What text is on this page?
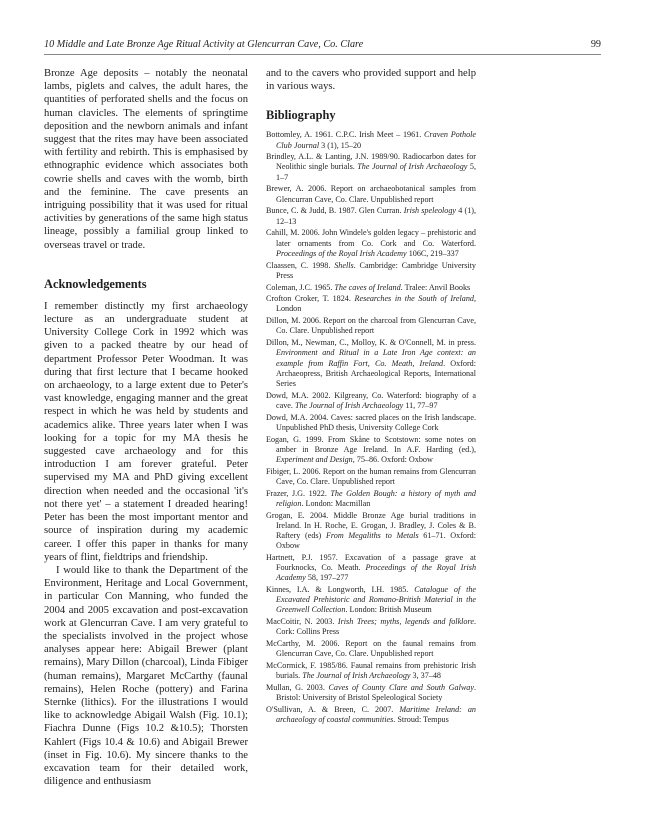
10 Middle and Late Bronze Age Ritual Activity at Glencurran Cave, Co. Clare	99

Bronze Age deposits – notably the neonatal lambs, piglets and calves, the adult hares, the quantities of perforated shells and the focus on human clavicles. The elements of springtime deposition and the newborn animals and infant suggest that the rites may have been associated with fertility and rebirth. This is emphasised by ethnographic evidence which associates both cowrie shells and caves with the womb, birth and the feminine. The cave presents an intriguing possibility that it was used for ritual activities by generations of the same high status lineage, possibly a familial group linked to overseas travel or trade.

Acknowledgements

I remember distinctly my first archaeology lecture as an undergraduate student at University College Cork in 1992 which was given to a packed theatre by our head of department Professor Peter Woodman. It was during that first lecture that I became hooked on archaeology, to a large extent due to Peter's vast knowledge, engaging manner and the great respect in which he was held by students and academics alike. Three years later when I was looking for a topic for my MA thesis he suggested cave archaeology and for this introduction I am forever grateful. Peter supervised my MA and PhD giving excellent direction when needed and the occasional 'it's not there yet' – a statement I dreaded hearing! Peter has been the most important mentor and source of inspiration during my academic career. I offer this paper in thanks for many years of flint, fieldtrips and friendship.

I would like to thank the Department of the Environment, Heritage and Local Government, in particular Con Manning, who funded the 2004 and 2005 excavation and post-excavation work at Glencurran Cave. I am very grateful to the specialists involved in the project whose analyses appear here: Abigail Brewer (plant remains), Mary Dillon (charcoal), Linda Fibiger (human remains), Margaret McCarthy (faunal remains), Helen Roche (pottery) and Farina Sternke (lithics). For the illustrations I would like to acknowledge Abigail Walsh (Fig. 10.1); Fiachra Dunne (Figs 10.2 &10.5); Thorsten Kahlert (Figs 10.4 & 10.6) and Abigail Brewer (inset in Fig. 10.6). My sincere thanks to the excavation team for their detailed work, diligence and enthusiasm

and to the cavers who provided support and help in various ways.

Bibliography
Bottomley, A. 1961. C.P.C. Irish Meet – 1961. Craven Pothole Club Journal 3 (1), 15–20
Brindley, A.L. & Lanting, J.N. 1989/90. Radiocarbon dates for Neolithic single burials. The Journal of Irish Archaeology 5, 1–7
Brewer, A. 2006. Report on archaeobotanical samples from Glencurran Cave, Co. Clare. Unpublished report
Bunce, C. & Judd, B. 1987. Glen Curran. Irish speleology 4 (1), 12–13
Cahill, M. 2006. John Windele's golden legacy – prehistoric and later ornaments from Co. Cork and Co. Waterford. Proceedings of the Royal Irish Academy 106C, 219–337
Claassen, C. 1998. Shells. Cambridge: Cambridge University Press
Coleman, J.C. 1965. The caves of Ireland. Tralee: Anvil Books
Crofton Croker, T. 1824. Researches in the South of Ireland, London
Dillon, M. 2006. Report on the charcoal from Glencurran Cave, Co. Clare. Unpublished report
Dillon, M., Newman, C., Molloy, K. & O'Connell, M. in press. Environment and Ritual in a Late Iron Age context: an example from Raffin Fort, Co. Meath, Ireland. Oxford: Archaeopress, British Archaeological Reports, International Series
Dowd, M.A. 2002. Kilgreany, Co. Waterford: biography of a cave. The Journal of Irish Archaeology 11, 77–97
Dowd, M.A. 2004. Caves: sacred places on the Irish landscape. Unpublished PhD thesis, University College Cork
Eogan, G. 1999. From Skåne to Scotstown: some notes on amber in Bronze Age Ireland. In A.F. Harding (ed.), Experiment and Design, 75–86. Oxford: Oxbow
Fibiger, L. 2006. Report on the human remains from Glencurran Cave, Co. Clare. Unpublished report
Frazer, J.G. 1922. The Golden Bough: a history of myth and religion. London: Macmillan
Grogan, E. 2004. Middle Bronze Age burial traditions in Ireland. In H. Roche, E. Grogan, J. Bradley, J. Coles & B. Raftery (eds) From Megaliths to Metals 61–71. Oxford: Oxbow
Hartnett, P.J. 1957. Excavation of a passage grave at Fourknocks, Co. Meath. Proceedings of the Royal Irish Academy 58, 197–277
Kinnes, I.A. & Longworth, I.H. 1985. Catalogue of the Excavated Prehistoric and Romano-British Material in the Greenwell Collection. London: British Museum
MacCoitir, N. 2003. Irish Trees; myths, legends and folklore. Cork: Collins Press
McCarthy, M. 2006. Report on the faunal remains from Glencurran Cave, Co. Clare. Unpublished report
McCormick, F. 1985/86. Faunal remains from prehistoric Irish burials. The Journal of Irish Archaeology 3, 37–48
Mullan, G. 2003. Caves of County Clare and South Galway. Bristol: University of Bristol Speleological Society
O'Sullivan, A. & Breen, C. 2007. Maritime Ireland: an archaeology of coastal communities. Stroud: Tempus
